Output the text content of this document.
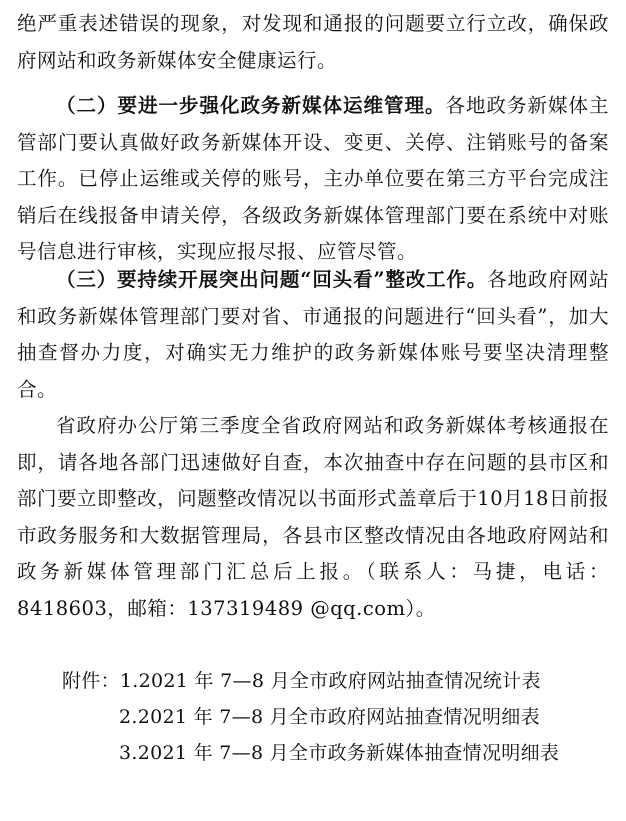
绝严重表述错误的现象，对发现和通报的问题要立行立改，确保政府网站和政务新媒体安全健康运行。

（二）要进一步强化政务新媒体运维管理。各地政务新媒体主管部门要认真做好政务新媒体开设、变更、关停、注销账号的备案工作。已停止运维或关停的账号，主办单位要在第三方平台完成注销后在线报备申请关停，各级政务新媒体管理部门要在系统中对账号信息进行审核，实现应报尽报、应管尽管。

（三）要持续开展突出问题“回头看”整改工作。各地政府网站和政务新媒体管理部门要对省、市通报的问题进行“回头看”，加大抽查督办力度，对确实无力维护的政务新媒体账号要坚决清理整合。

省政府办公厅第三季度全省政府网站和政务新媒体考核通报在即，请各地各部门迅速做好自查，本次抽查中存在问题的县市区和部门要立即整改，问题整改情况以书面形式盖章后于10月18日前报市政务服务和大数据管理局，各县市区整改情况由各地政府网站和政务新媒体管理部门汇总后上报。（联系人：马捷，电话：8418603，邮箱：137319489 @qq.com）。

附件：1.2021 年 7—8 月全市政府网站抽查情况统计表
2.2021 年 7—8 月全市政府网站抽查情况明细表
3.2021 年 7—8 月全市政务新媒体抽查情况明细表
